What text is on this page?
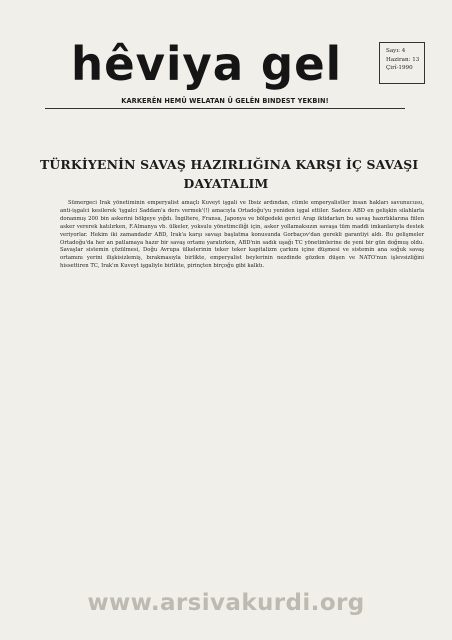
hêviya gel
KARKERÊN HEMÛ WELATAN Û GELÊN BINDEST YEKBIN!
Sayı: 4
Haziran: 13
Çirî-1990
TÜRKİYENİN SAVAŞ HAZIRLIĞINA KARŞI İÇ SAVAŞI
DAYATALIM

Sümergeci Irak yönetiminin emperyalist amaçlı Kuveyt işgali ve İbsiz ardından, cümle emperyalistler insan hakları savunucusu, anti-işgalci kesilerek 'işgalci Saddam'a ders vermek'(!) amacıyla Ortadoğu'yu yeniden işgal ettiler. Sadece ABD en gelişkin silahlarla donanmış 200 bin askerini bölgeye yığdı. İngiltere, Fransa, Japonya ve bölgedeki gerici Arap iktidarları bu savaş hazırlıklarına fiilen asker vererek katılırken, F.Almanya vb. ülkeler, yoksulu yönetimciliği için, asker yollamaksızın savaşa tüm maddi imkanlarıyla destek veriyorlar. Hekim iki zamandadır ABD, Irak'a karşı savaşı başlatma konusunda Gorbaçov'dan gerekli garantiyi aldı. Bu gelişmeler Ortadoğu'da her an patlamaya hazır bir savaş ortamı yaratırken, ABD'nin sadık uşağı TC yönetimlerine de yeni bir gün doğmuş oldu. Savaşlar sistemin çözülmesi, Doğu Avrupa ülkelerinin teker teker kapitalizm çarkını içine düşmesi ve sistemin ana soğuk savaş ortamını yerini ilişkisizlemiş, bırakmasıyla birlikte, emperyalist beylerinin nezdinde gözden düşen ve NATO'nun işlevsizliğini hissettiren TC, Irak'ın Kuveyt işgaliyle birlikte, pirinçten birçoğu gibi kalktı.

www.arsivakurdi.org
